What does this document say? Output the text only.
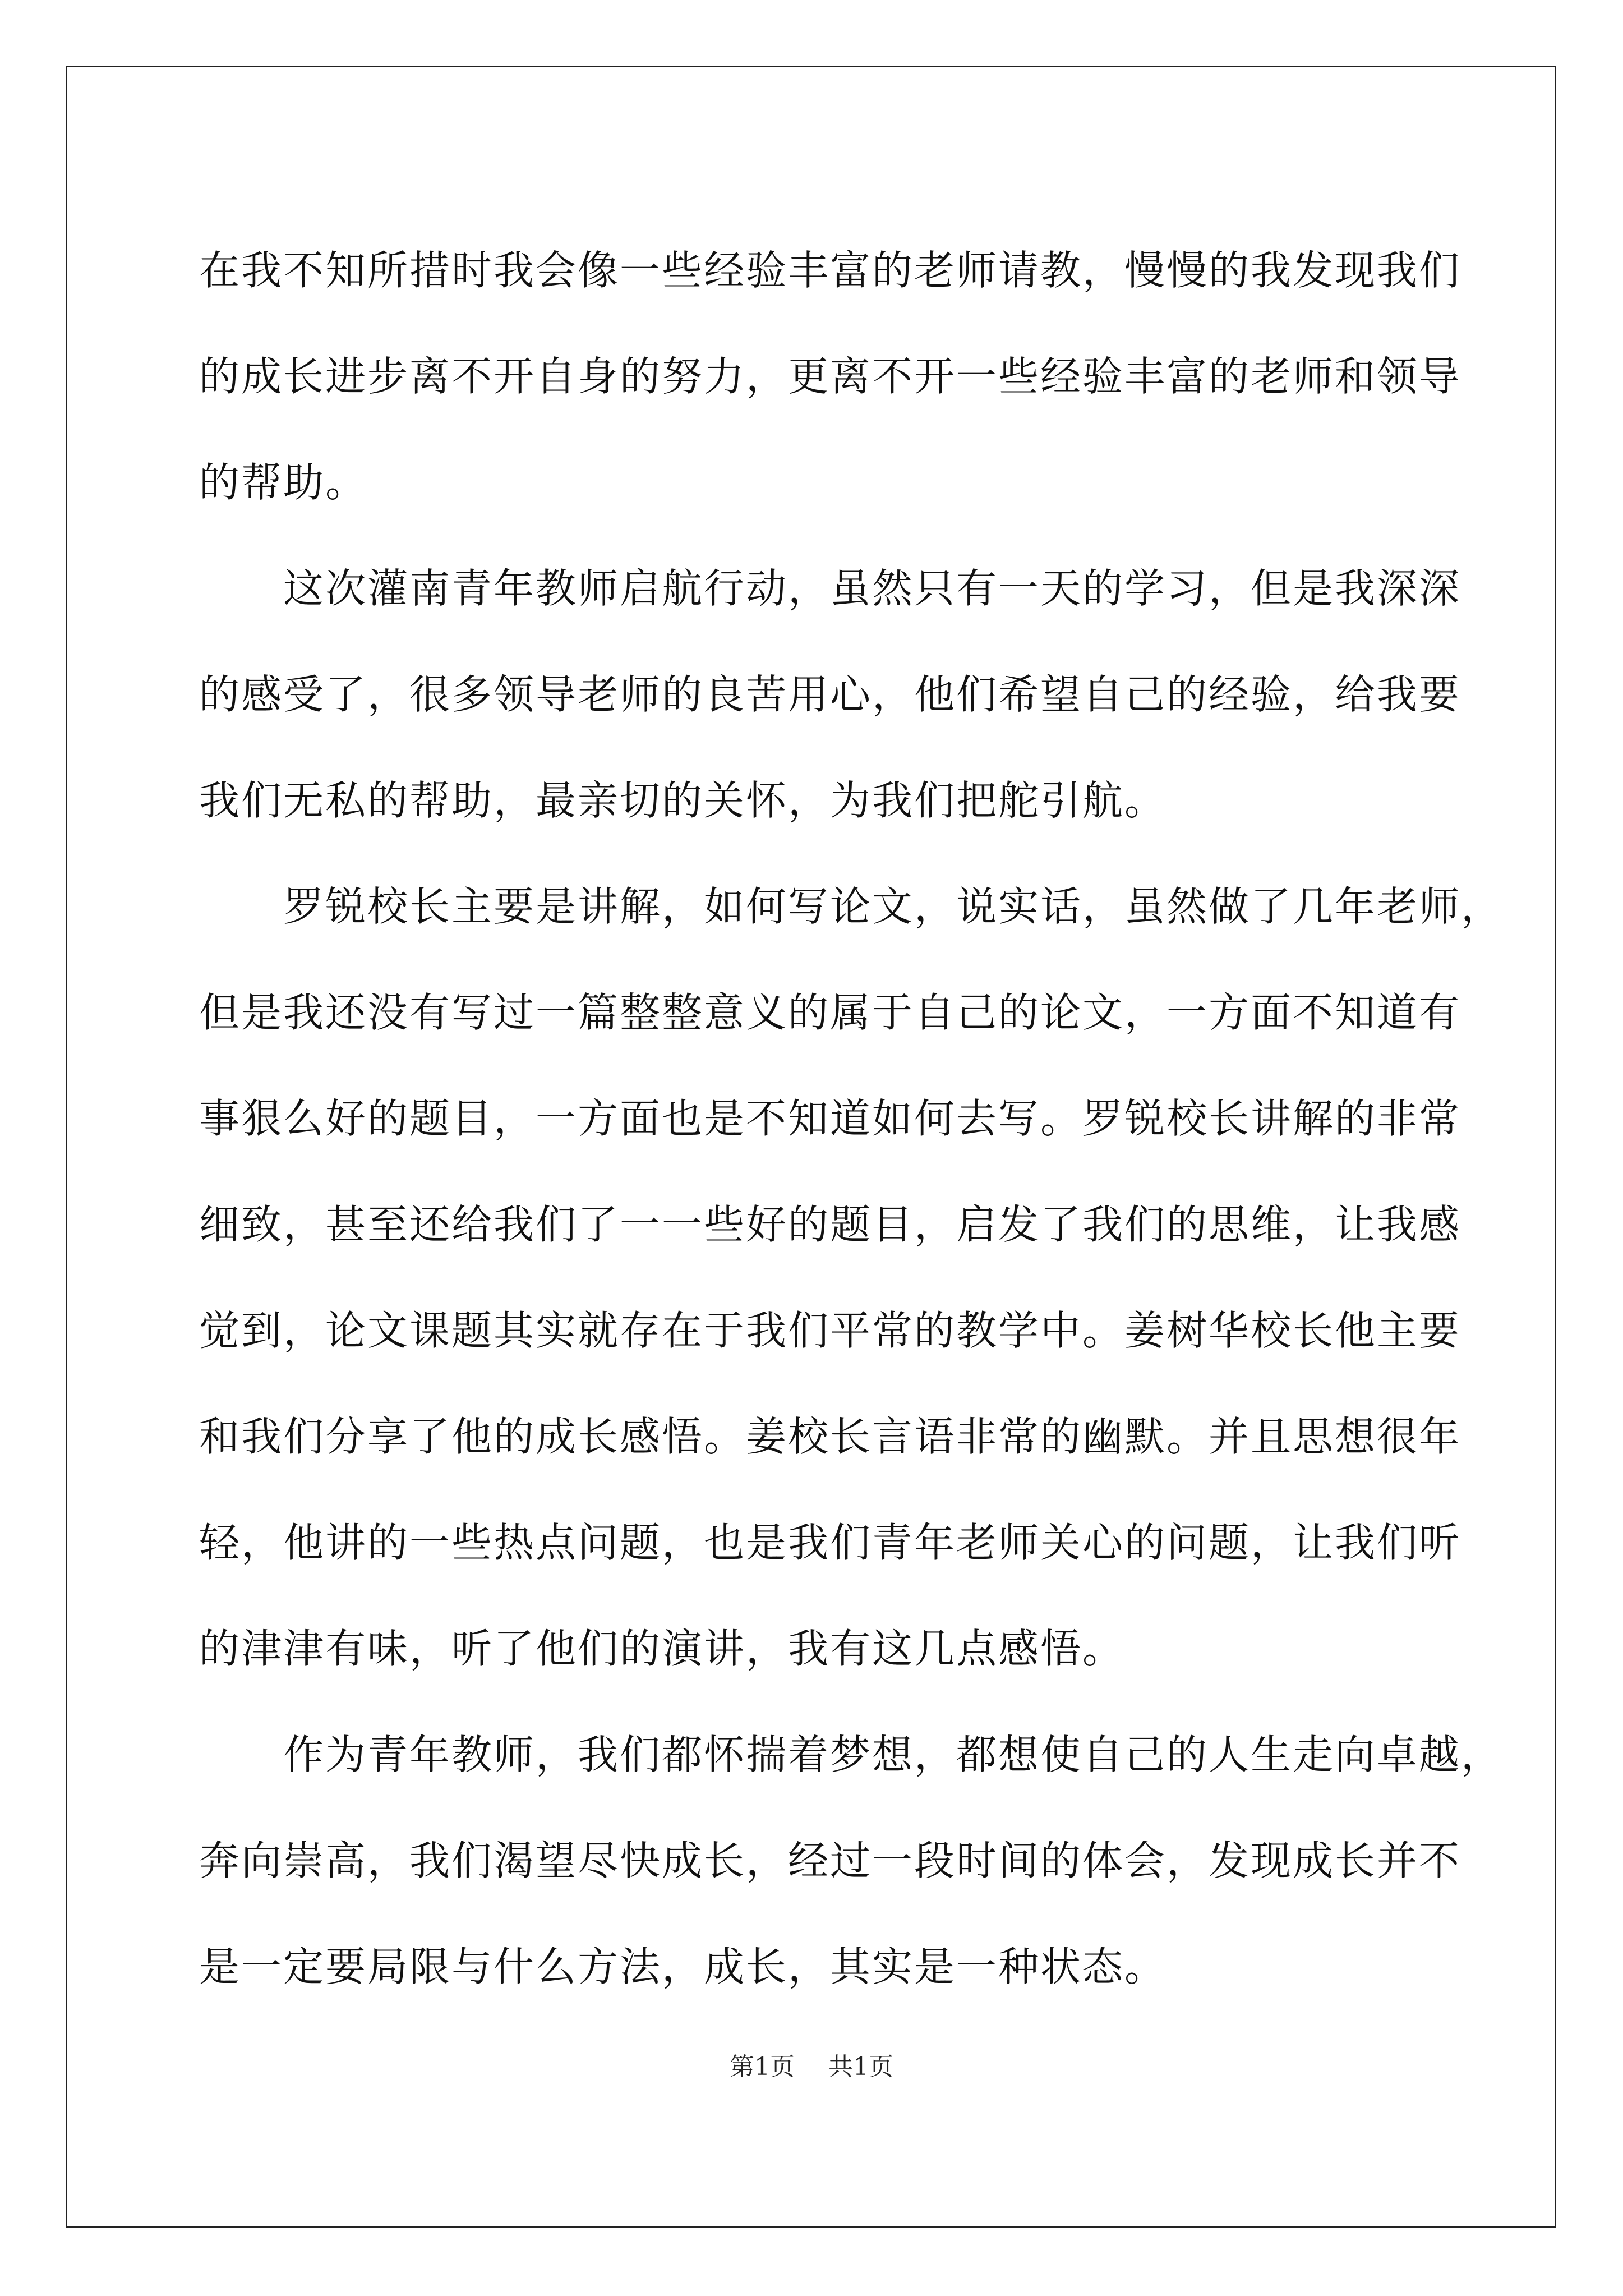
在我不知所措时我会像一些经验丰富的老师请教，慢慢的我发现我们
的成长进步离不开自身的努力，更离不开一些经验丰富的老师和领导
的帮助。
这次灌南青年教师启航行动，虽然只有一天的学习，但是我深深
的感受了，很多领导老师的良苦用心，他们希望自己的经验，给我要
我们无私的帮助，最亲切的关怀，为我们把舵引航。
罗锐校长主要是讲解，如何写论文，说实话，虽然做了几年老师，
但是我还没有写过一篇整整意义的属于自己的论文，一方面不知道有
事狠么好的题目，一方面也是不知道如何去写。罗锐校长讲解的非常
细致，甚至还给我们了一一些好的题目，启发了我们的思维，让我感
觉到，论文课题其实就存在于我们平常的教学中。姜树华校长他主要
和我们分享了他的成长感悟。姜校长言语非常的幽默。并且思想很年
轻，他讲的一些热点问题，也是我们青年老师关心的问题，让我们听
的津津有味，听了他们的演讲，我有这几点感悟。
作为青年教师，我们都怀揣着梦想，都想使自己的人生走向卓越，
奔向崇高，我们渴望尽快成长，经过一段时间的体会，发现成长并不
是一定要局限与什么方法，成长，其实是一种状态。
第1页 共1页
